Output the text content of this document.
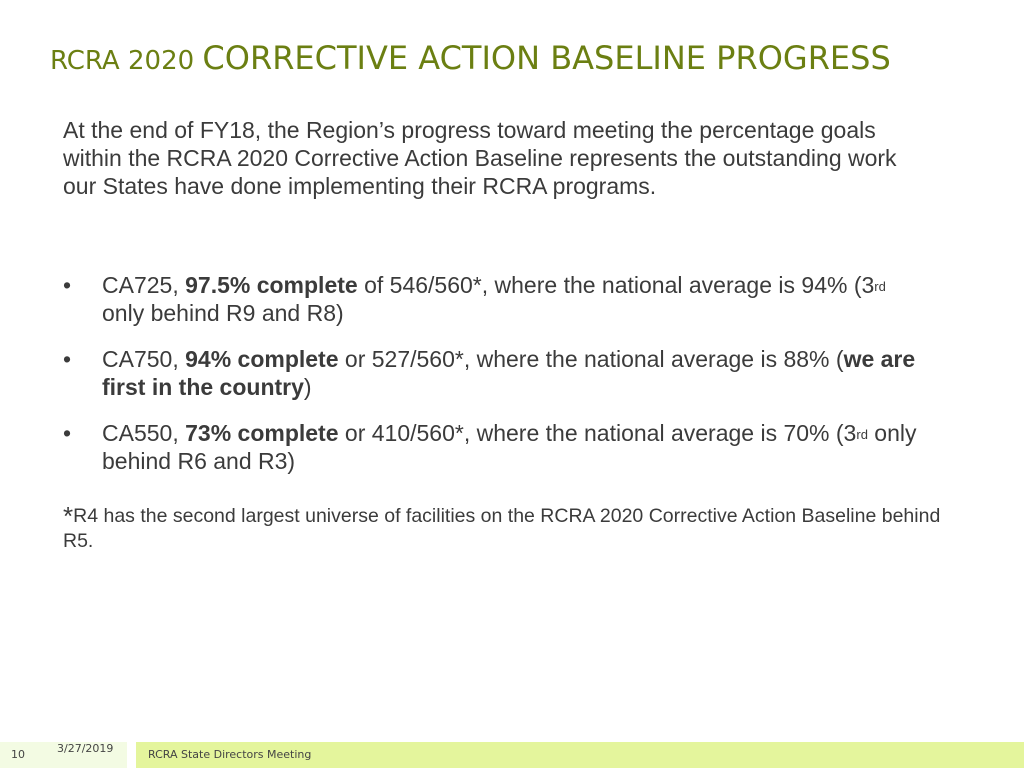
RCRA 2020 CORRECTIVE ACTION BASELINE PROGRESS

At the end of FY18, the Region’s progress toward meeting the percentage goals within the RCRA 2020 Corrective Action Baseline represents the outstanding work our States have done implementing their RCRA programs.

• CA725, 97.5% complete of 546/560*, where the national average is 94% (3rd only behind R9 and R8)
• CA750, 94% complete or 527/560*, where the national average is 88% (we are first in the country)
• CA550, 73% complete or 410/560*, where the national average is 70% (3rd only behind R6 and R3)

*R4 has the second largest universe of facilities on the RCRA 2020 Corrective Action Baseline behind R5.

10	3/27/2019	RCRA State Directors Meeting
